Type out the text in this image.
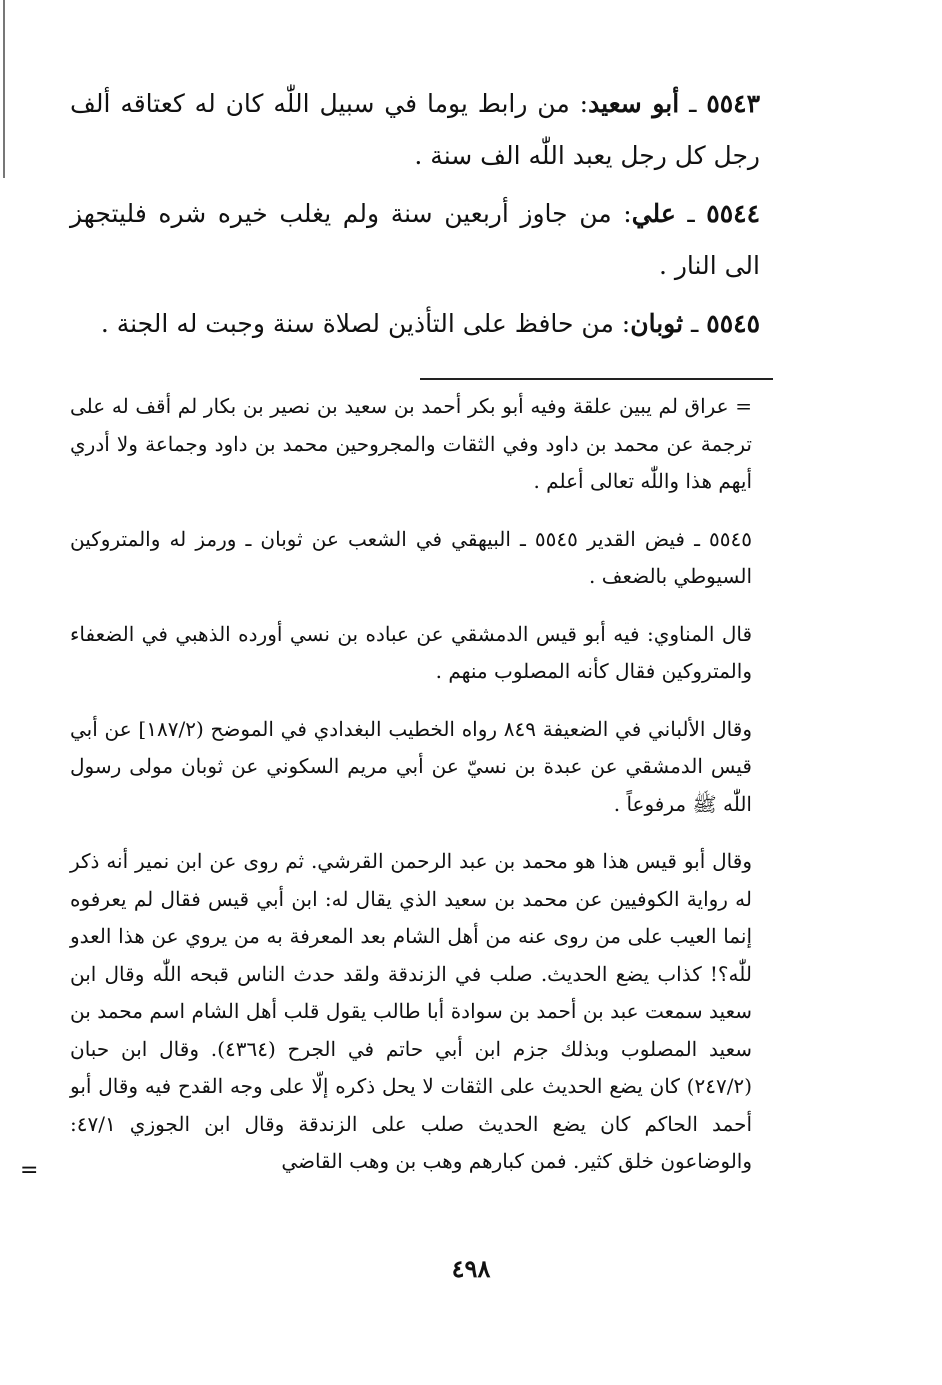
٥٥٤٣ ـ أبو سعيد: من رابط يوما في سبيل اللّٰه كان له كعتاقه ألف رجل كل رجل يعبد اللّٰه الف سنة .

٥٥٤٤ ـ علي: من جاوز أربعين سنة ولم يغلب خيره شره فليتجهز الى النار .

٥٥٤٥ ـ ثوبان: من حافظ على التأذين لصلاة سنة وجبت له الجنة .

= عراق لم يبين علقة وفيه أبو بكر أحمد بن سعيد بن نصير بن بكار لم أقف له على ترجمة عن محمد بن داود وفي الثقات والمجروحين محمد بن داود وجماعة ولا أدري أيهم هذا واللّٰه تعالى أعلم .

٥٥٤٥ ـ فيض القدير ٥٥٤٥ ـ البيهقي في الشعب عن ثوبان ـ ورمز له والمتروكين السيوطي بالضعف .

قال المناوي: فيه أبو قيس الدمشقي عن عباده بن نسي أورده الذهبي في الضعفاء والمتروكين فقال كأنه المصلوب منهم .

وقال الألباني في الضعيفة ٨٤٩ رواه الخطيب البغدادي في الموضح (١٨٧/٢] عن أبي قيس الدمشقي عن عبدة بن نسيّ عن أبي مريم السكوني عن ثوبان مولى رسول اللّٰه ﷺ مرفوعاً .

وقال أبو قيس هذا هو محمد بن عبد الرحمن القرشي. ثم روى عن ابن نمير أنه ذكر له رواية الكوفيين عن محمد بن سعيد الذي يقال له: ابن أبي قيس فقال لم يعرفوه إنما العيب على من روى عنه من أهل الشام بعد المعرفة به من يروي عن هذا العدو للّٰه؟! كذاب يضع الحديث. صلب في الزندقة ولقد حدث الناس قبحه اللّٰه وقال ابن سعيد سمعت عبد بن أحمد بن سوادة أبا طالب يقول قلب أهل الشام اسم محمد بن سعيد المصلوب وبذلك جزم ابن أبي حاتم في الجرح (٤٣٦٤). وقال ابن حبان (٢٤٧/٢) كان يضع الحديث على الثقات لا يحل ذكره إلّا على وجه القدح فيه وقال أبو أحمد الحاكم كان يضع الحديث صلب على الزندقة وقال ابن الجوزي ٤٧/١: والوضاعون خلق كثير. فمن كبارهم وهب بن وهب القاضي

=
٤٩٨
